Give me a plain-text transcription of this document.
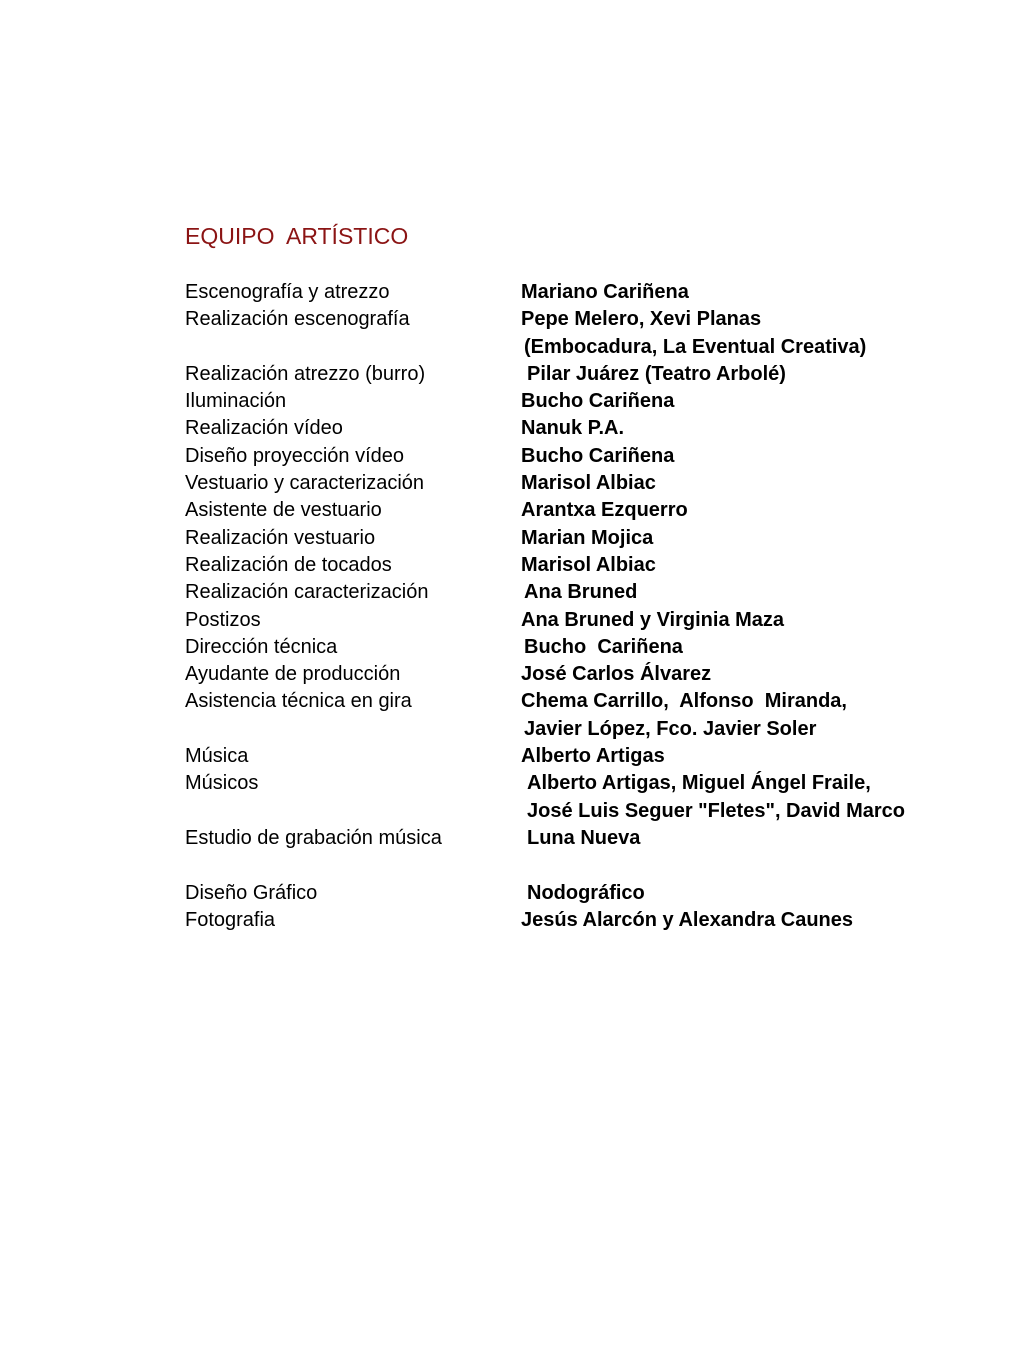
EQUIPO  ARTÍSTICO

Escenografía y atrezzo

	Mariano Cariñena

Realización escenografía

	Pepe Melero, Xevi Planas

(Embocadura, La Eventual Creativa)

Realización atrezzo (burro)

	Pilar Juárez (Teatro Arbolé)

Iluminación

	Bucho Cariñena

Realización vídeo

	Nanuk P.A.

Diseño proyección vídeo

	Bucho Cariñena

Vestuario y caracterización

	Marisol Albiac

Asistente de vestuario

	Arantxa Ezquerro

Realización vestuario

	Marian Mojica

Realización de tocados

	Marisol Albiac

Realización caracterización

	Ana Bruned

Postizos

	Ana Bruned y Virginia Maza

Dirección técnica

	Bucho  Cariñena

Ayudante de producción

	José Carlos Álvarez

Asistencia técnica en gira

	Chema Carrillo,  Alfonso  Miranda,

Javier López, Fco. Javier Soler

Música

	Alberto Artigas

Músicos

	Alberto Artigas, Miguel Ángel Fraile,

José Luis Seguer "Fletes", David Marco

Estudio de grabación música

	Luna Nueva

Diseño Gráfico

	Nodográfico

Fotografia

	Jesús Alarcón y Alexandra Caunes
